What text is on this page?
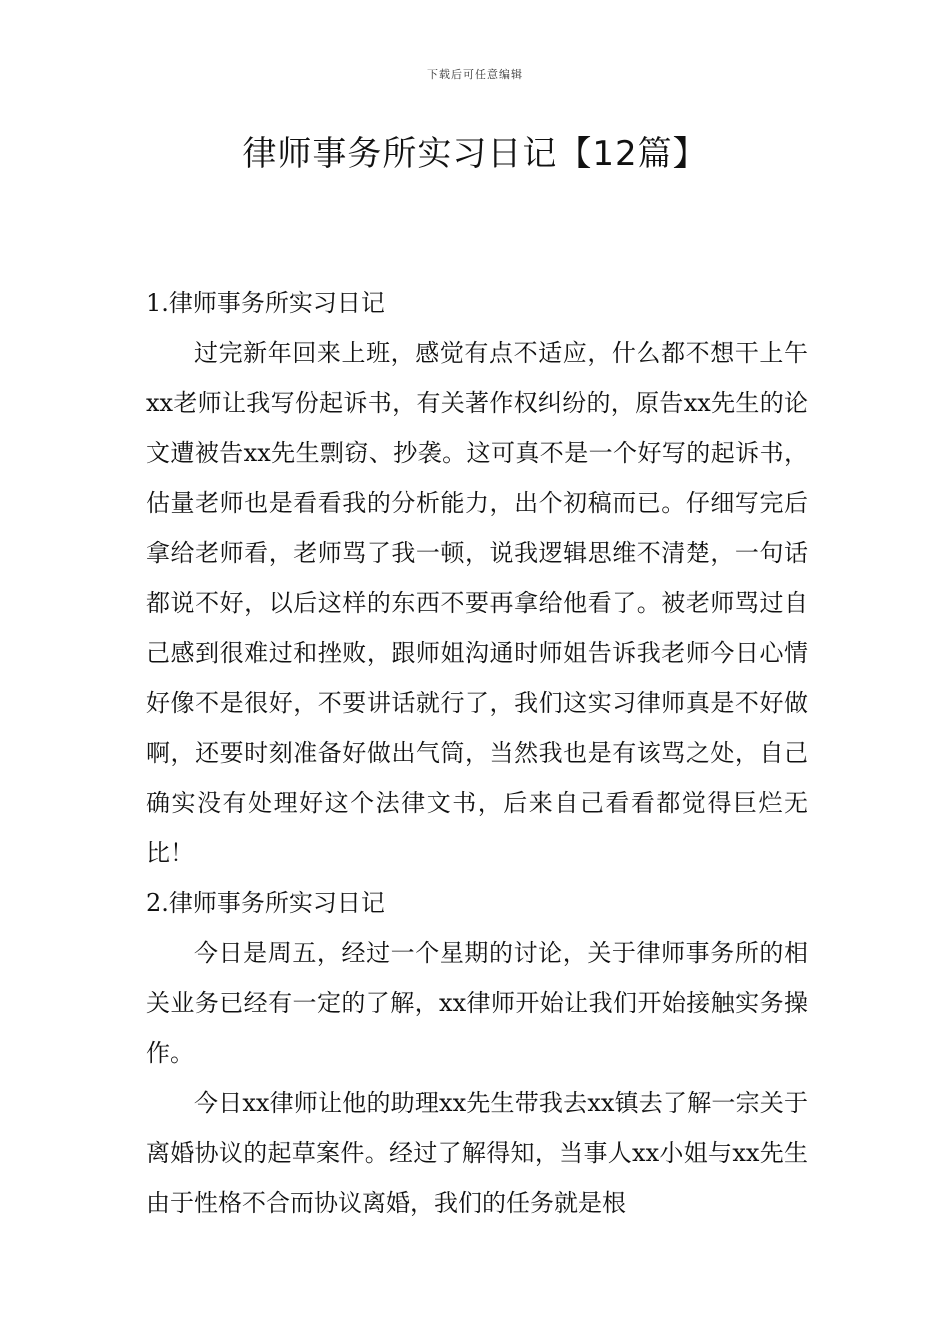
下载后可任意编辑
律师事务所实习日记【12篇】

1.律师事务所实习日记

过完新年回来上班，感觉有点不适应，什么都不想干上午xx老师让我写份起诉书，有关著作权纠纷的，原告xx先生的论文遭被告xx先生剽窃、抄袭。这可真不是一个好写的起诉书，估量老师也是看看我的分析能力，出个初稿而已。仔细写完后拿给老师看，老师骂了我一顿，说我逻辑思维不清楚，一句话都说不好，以后这样的东西不要再拿给他看了。被老师骂过自己感到很难过和挫败，跟师姐沟通时师姐告诉我老师今日心情好像不是很好，不要讲话就行了，我们这实习律师真是不好做啊，还要时刻准备好做出气筒，当然我也是有该骂之处，自己确实没有处理好这个法律文书，后来自己看看都觉得巨烂无比！

2.律师事务所实习日记

今日是周五，经过一个星期的讨论，关于律师事务所的相关业务已经有一定的了解，xx律师开始让我们开始接触实务操作。

今日xx律师让他的助理xx先生带我去xx镇去了解一宗关于离婚协议的起草案件。经过了解得知，当事人xx小姐与xx先生由于性格不合而协议离婚，我们的任务就是根
